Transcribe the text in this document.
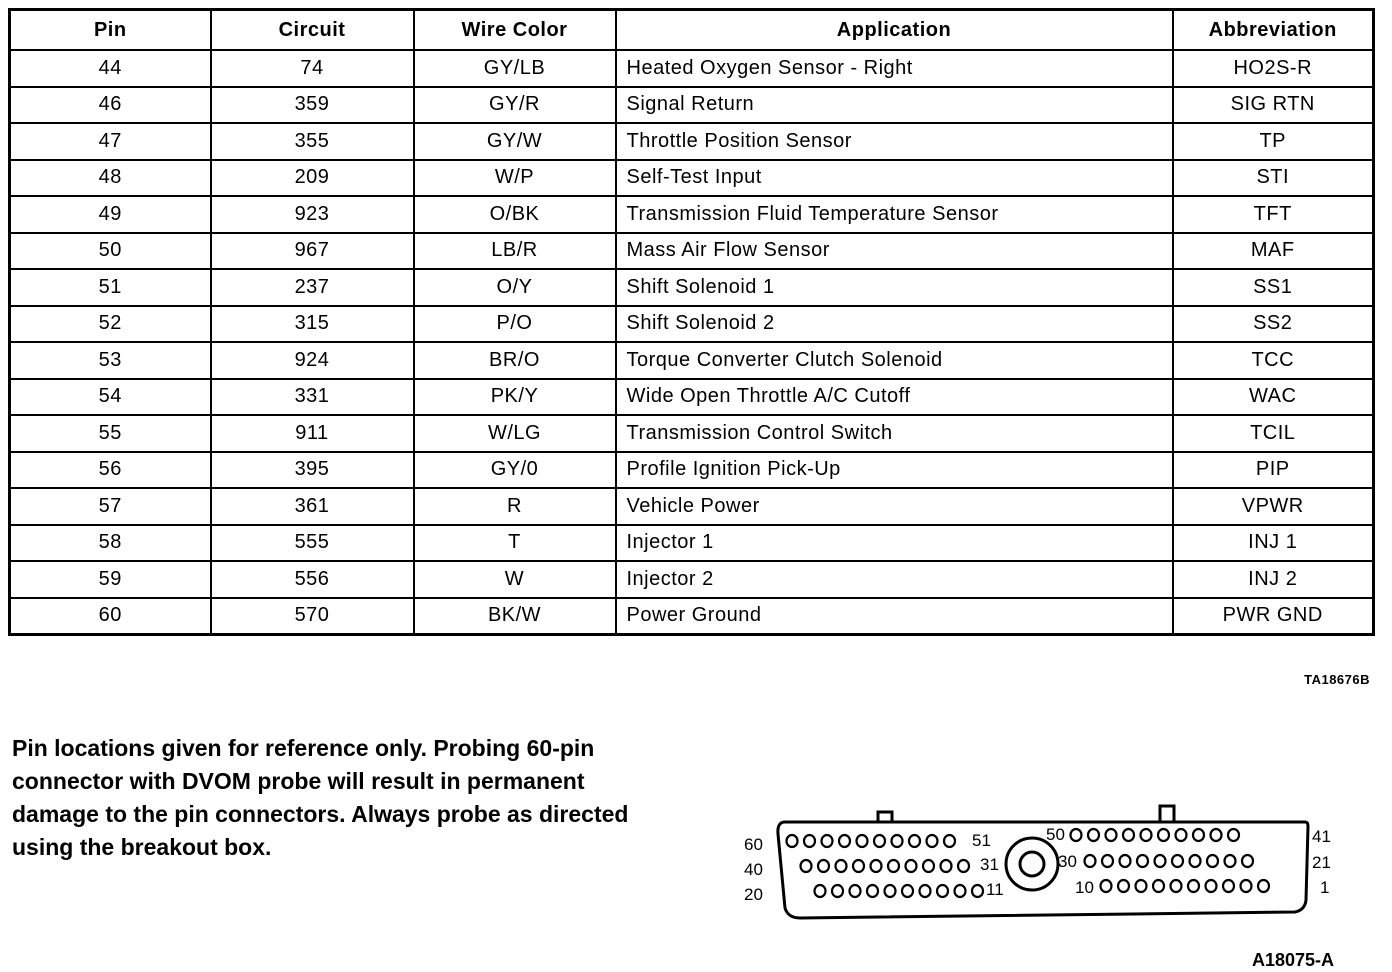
Pin	Circuit	Wire Color	Application	Abbreviation
44	74	GY/LB	Heated Oxygen Sensor - Right	HO2S-R
46	359	GY/R	Signal Return	SIG RTN
47	355	GY/W	Throttle Position Sensor	TP
48	209	W/P	Self-Test Input	STI
49	923	O/BK	Transmission Fluid Temperature Sensor	TFT
50	967	LB/R	Mass Air Flow Sensor	MAF
51	237	O/Y	Shift Solenoid 1	SS1
52	315	P/O	Shift Solenoid 2	SS2
53	924	BR/O	Torque Converter Clutch Solenoid	TCC
54	331	PK/Y	Wide Open Throttle A/C Cutoff	WAC
55	911	W/LG	Transmission Control Switch	TCIL
56	395	GY/0	Profile Ignition Pick-Up	PIP
57	361	R	Vehicle Power	VPWR
58	555	T	Injector 1	INJ 1
59	556	W	Injector 2	INJ 2
60	570	BK/W	Power Ground	PWR GND
TA18676B
Pin locations given for reference only. Probing 60-pin connector with DVOM probe will result in permanent damage to the pin connectors. Always probe as directed using the breakout box.	60
40
20
41
21
1
51
31
11
50
30
10
A18075-A
